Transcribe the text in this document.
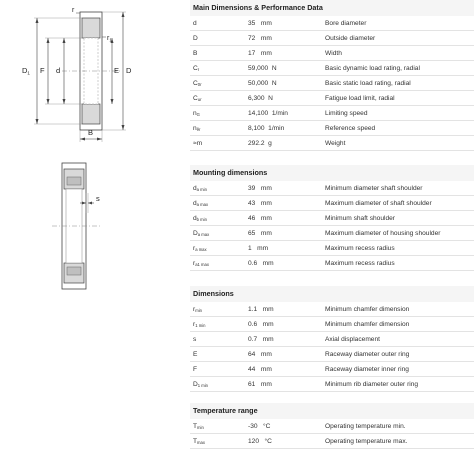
r
$r_1$
$D_1$ F d	E D
B
s
Main Dimensions & Performance Data
d	35   mm	Bore diameter
D	72   mm	Outside diameter
B	17   mm	Width
$C_r$	59,000  N	Basic dynamic load rating, radial
$C_{0r}$	50,000  N	Basic static load rating, radial
$C_{ur}$	6,300  N	Fatigue load limit, radial
$n_G$	14,100  1/min	Limiting speed
$n_{ϑr}$	8,100  1/min	Reference speed
≈m	292.2  g	Weight
Mounting dimensions
$d_{a min}$	39   mm	Minimum diameter shaft shoulder
$d_{a max}$	43   mm	Maximum diameter of shaft shoulder
$d_{b min}$	46   mm	Minimum shaft shoulder
$D_{a max}$	65   mm	Maximum diameter of housing shoulder
$r_{a max}$	1   mm	Maximum recess radius
$r_{a1 max}$	0.6   mm	Maximum recess radius
Dimensions
$r_{min}$	1.1   mm	Minimum chamfer dimension
$r_{1 min}$	0.6   mm	Minimum chamfer dimension
s	0.7   mm	Axial displacement
E	64   mm	Raceway diameter outer ring
F	44   mm	Raceway diameter inner ring
$D_{1 min}$	61   mm	Minimum rib diameter outer ring
Temperature range
$T_{min}$	-30   °C	Operating temperature min.
$T_{max}$	120   °C	Operating temperature max.
